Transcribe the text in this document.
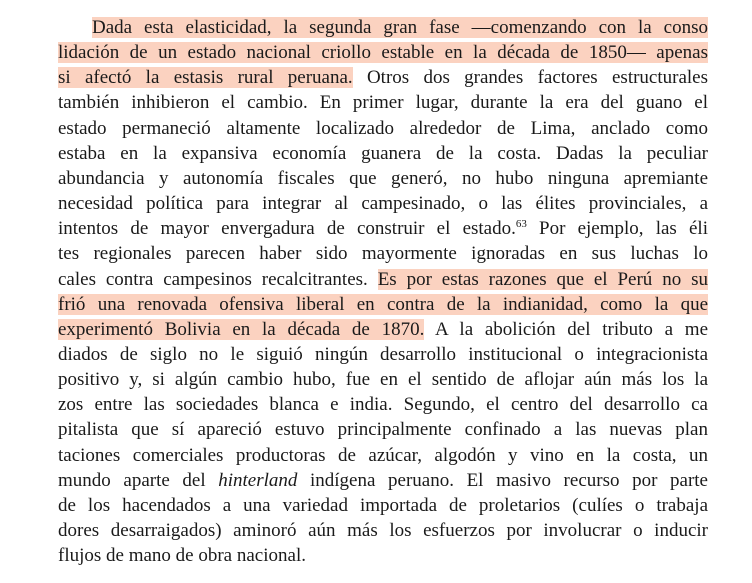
Dada esta elasticidad, la segunda gran fase —comenzando con la conso
lidación de un estado nacional criollo estable en la década de 1850— apenas
si afectó la estasis rural peruana. Otros dos grandes factores estructurales
también inhibieron el cambio. En primer lugar, durante la era del guano el
estado permaneció altamente localizado alrededor de Lima, anclado como
estaba en la expansiva economía guanera de la costa. Dadas la peculiar
abundancia y autonomía fiscales que generó, no hubo ninguna apremiante
necesidad política para integrar al campesinado, o las élites provinciales, a
intentos de mayor envergadura de construir el estado.$^{63}$ Por ejemplo, las éli
tes regionales parecen haber sido mayormente ignoradas en sus luchas lo
cales contra campesinos recalcitrantes. Es por estas razones que el Perú no su
frió una renovada ofensiva liberal en contra de la indianidad, como la que
experimentó Bolivia en la década de 1870. A la abolición del tributo a me
diados de siglo no le siguió ningún desarrollo institucional o integracionista
positivo y, si algún cambio hubo, fue en el sentido de aflojar aún más los la
zos entre las sociedades blanca e india. Segundo, el centro del desarrollo ca
pitalista que sí apareció estuvo principalmente confinado a las nuevas plan
taciones comerciales productoras de azúcar, algodón y vino en la costa, un
mundo aparte del hinterland indígena peruano. El masivo recurso por parte
de los hacendados a una variedad importada de proletarios (culíes o trabaja
dores desarraigados) aminoró aún más los esfuerzos por involucrar o inducir
flujos de mano de obra nacional.
